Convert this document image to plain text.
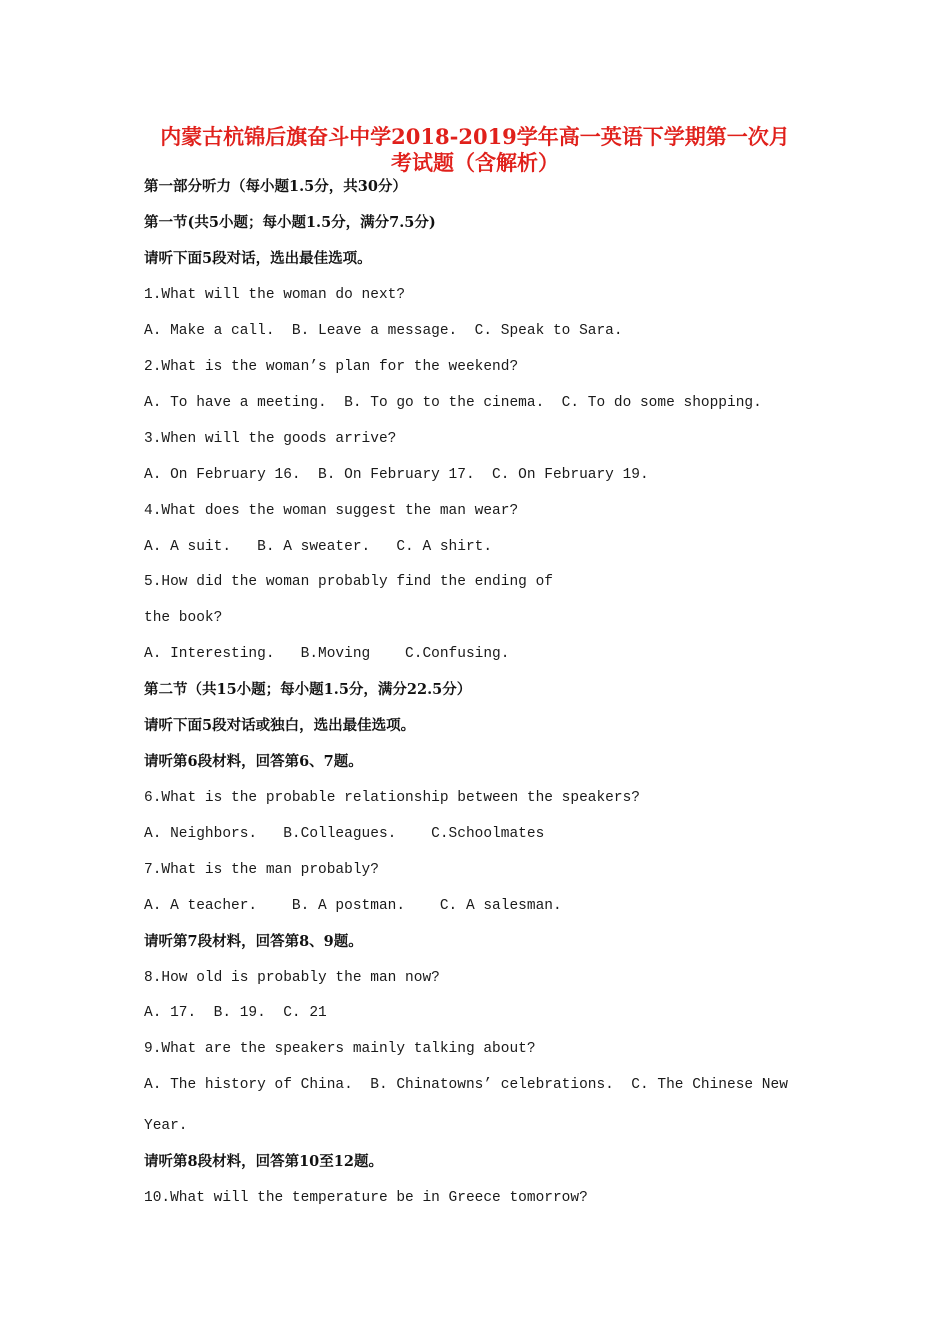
内蒙古杭锦后旗奋斗中学2018-2019学年高一英语下学期第一次月
考试题（含解析）
第一部分听力（每小题1.5分，共30分）
第一节(共5小题；每小题1.5分，满分7.5分)
请听下面5段对话，选出最佳选项。
1.What will the woman do next?
A. Make a call.  B. Leave a message.  C. Speak to Sara.
2.What is the woman’s plan for the weekend?
A. To have a meeting.  B. To go to the cinema.  C. To do some shopping.
3.When will the goods arrive?
A. On February 16.  B. On February 17.  C. On February 19.
4.What does the woman suggest the man wear?
A. A suit.   B. A sweater.   C. A shirt.
5.How did the woman probably find the ending of
the book?
A. Interesting.   B.Moving    C.Confusing.
第二节（共15小题；每小题1.5分，满分22.5分）
请听下面5段对话或独白，选出最佳选项。
请听第6段材料，回答第6、7题。
6.What is the probable relationship between the speakers?
A. Neighbors.   B.Colleagues.    C.Schoolmates
7.What is the man probably?
A. A teacher.    B. A postman.    C. A salesman.
请听第7段材料，回答第8、9题。
8.How old is probably the man now?
A. 17.  B. 19.  C. 21
9.What are the speakers mainly talking about?
A. The history of China.  B. Chinatowns’ celebrations.  C. The Chinese New
Year.
请听第8段材料，回答第10至12题。
10.What will the temperature be in Greece tomorrow?
